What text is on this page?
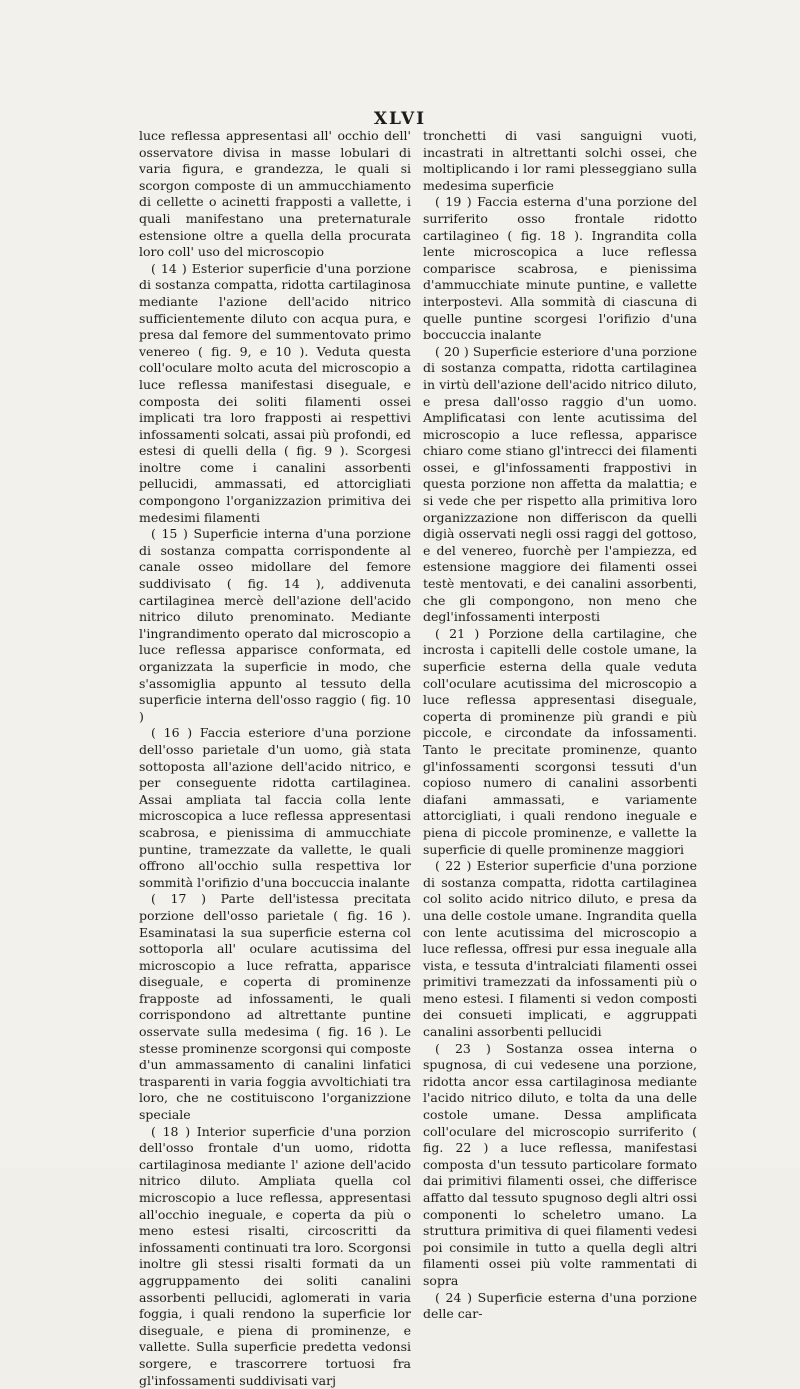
XLVI

luce reflessa appresentasi all' occhio dell' osservatore divisa in masse lobulari di varia figura, e grandezza, le quali si scorgon composte di un ammucchiamento di cellette o acinetti frapposti a vallette, i quali manifestano una preternaturale estensione oltre a quella della procurata loro coll' uso del microscopio

( 14 ) Esterior superficie d'una porzione di sostanza compatta, ridotta cartilaginosa mediante l'azione dell'acido nitrico sufficientemente diluto con acqua pura, e presa dal femore del summentovato primo venereo ( fig. 9, e 10 ). Veduta questa coll'oculare molto acuta del microscopio a luce reflessa manifestasi diseguale, e composta dei soliti filamenti ossei implicati tra loro frapposti ai respettivi infossamenti solcati, assai più profondi, ed estesi di quelli della ( fig. 9 ). Scorgesi inoltre come i canalini assorbenti pellucidi, ammassati, ed attorcigliati compongono l'organizzazion primitiva dei medesimi filamenti

( 15 ) Superficie interna d'una porzione di sostanza compatta corrispondente al canale osseo midollare del femore suddivisato ( fig. 14 ), addivenuta cartilaginea mercè dell'azione dell'acido nitrico diluto prenominato. Mediante l'ingrandimento operato dal microscopio a luce reflessa apparisce conformata, ed organizzata la superficie in modo, che s'assomiglia appunto al tessuto della superficie interna dell'osso raggio ( fig. 10 )

( 16 ) Faccia esteriore d'una porzione dell'osso parietale d'un uomo, già stata sottoposta all'azione dell'acido nitrico, e per conseguente ridotta cartilaginea. Assai ampliata tal faccia colla lente microscopica a luce reflessa appresentasi scabrosa, e pienissima di ammucchiate puntine, tramezzate da vallette, le quali offrono all'occhio sulla respettiva lor sommità l'orifizio d'una boccuccia inalante

( 17 ) Parte dell'istessa precitata porzione dell'osso parietale ( fig. 16 ). Esaminatasi la sua superficie esterna col sottoporla all' oculare acutissima del microscopio a luce refratta, apparisce diseguale, e coperta di prominenze frapposte ad infossamenti, le quali corrispondono ad altrettante puntine osservate sulla medesima ( fig. 16 ). Le stesse prominenze scorgonsi qui composte d'un ammassamento di canalini linfatici trasparenti in varia foggia avvoltichiati tra loro, che ne costituiscono l'organizzione speciale

( 18 ) Interior superficie d'una porzion dell'osso frontale d'un uomo, ridotta cartilaginosa mediante l' azione dell'acido nitrico diluto. Ampliata quella col microscopio a luce reflessa, appresentasi all'occhio ineguale, e coperta da più o meno estesi risalti, circoscritti da infossamenti continuati tra loro. Scorgonsi inoltre gli stessi risalti formati da un aggruppamento dei soliti canalini assorbenti pellucidi, aglomerati in varia foggia, i quali rendono la superficie lor diseguale, e piena di prominenze, e vallette. Sulla superficie predetta vedonsi sorgere, e trascorrere tortuosi fra gl'infossamenti suddivisati varj

tronchetti di vasi sanguigni vuoti, incastrati in altrettanti solchi ossei, che moltiplicando i lor rami plesseggiano sulla medesima superficie

( 19 ) Faccia esterna d'una porzione del surriferito osso frontale ridotto cartilagineo ( fig. 18 ). Ingrandita colla lente microscopica a luce reflessa comparisce scabrosa, e pienissima d'ammucchiate minute puntine, e vallette interpostevi. Alla sommità di ciascuna di quelle puntine scorgesi l'orifizio d'una boccuccia inalante

( 20 ) Superficie esteriore d'una porzione di sostanza compatta, ridotta cartilaginea in virtù dell'azione dell'acido nitrico diluto, e presa dall'osso raggio d'un uomo. Amplificatasi con lente acutissima del microscopio a luce reflessa, apparisce chiaro come stiano gl'intrecci dei filamenti ossei, e gl'infossamenti frappostivi in questa porzione non affetta da malattia; e si vede che per rispetto alla primitiva loro organizzazione non differiscon da quelli digià osservati negli ossi raggi del gottoso, e del venereo, fuorchè per l'ampiezza, ed estensione maggiore dei filamenti ossei testè mentovati, e dei canalini assorbenti, che gli compongono, non meno che degl'infossamenti interposti

( 21 ) Porzione della cartilagine, che incrosta i capitelli delle costole umane, la superficie esterna della quale veduta coll'oculare acutissima del microscopio a luce reflessa appresentasi diseguale, coperta di prominenze più grandi e più piccole, e circondate da infossamenti. Tanto le precitate prominenze, quanto gl'infossamenti scorgonsi tessuti d'un copioso numero di canalini assorbenti diafani ammassati, e variamente attorcigliati, i quali rendono ineguale e piena di piccole prominenze, e vallette la superficie di quelle prominenze maggiori

( 22 ) Esterior superficie d'una porzione di sostanza compatta, ridotta cartilaginea col solito acido nitrico diluto, e presa da una delle costole umane. Ingrandita quella con lente acutissima del microscopio a luce reflessa, offresi pur essa ineguale alla vista, e tessuta d'intralciati filamenti ossei primitivi tramezzati da infossamenti più o meno estesi. I filamenti si vedon composti dei consueti implicati, e aggruppati canalini assorbenti pellucidi

( 23 ) Sostanza ossea interna o spugnosa, di cui vedesene una porzione, ridotta ancor essa cartilaginosa mediante l'acido nitrico diluto, e tolta da una delle costole umane. Dessa amplificata coll'oculare del microscopio surriferito ( fig. 22 ) a luce reflessa, manifestasi composta d'un tessuto particolare formato dai primitivi filamenti ossei, che differisce affatto dal tessuto spugnoso degli altri ossi componenti lo scheletro umano. La struttura primitiva di quei filamenti vedesi poi consimile in tutto a quella degli altri filamenti ossei più volte rammentati di sopra

( 24 ) Superficie esterna d'una porzione delle car-
